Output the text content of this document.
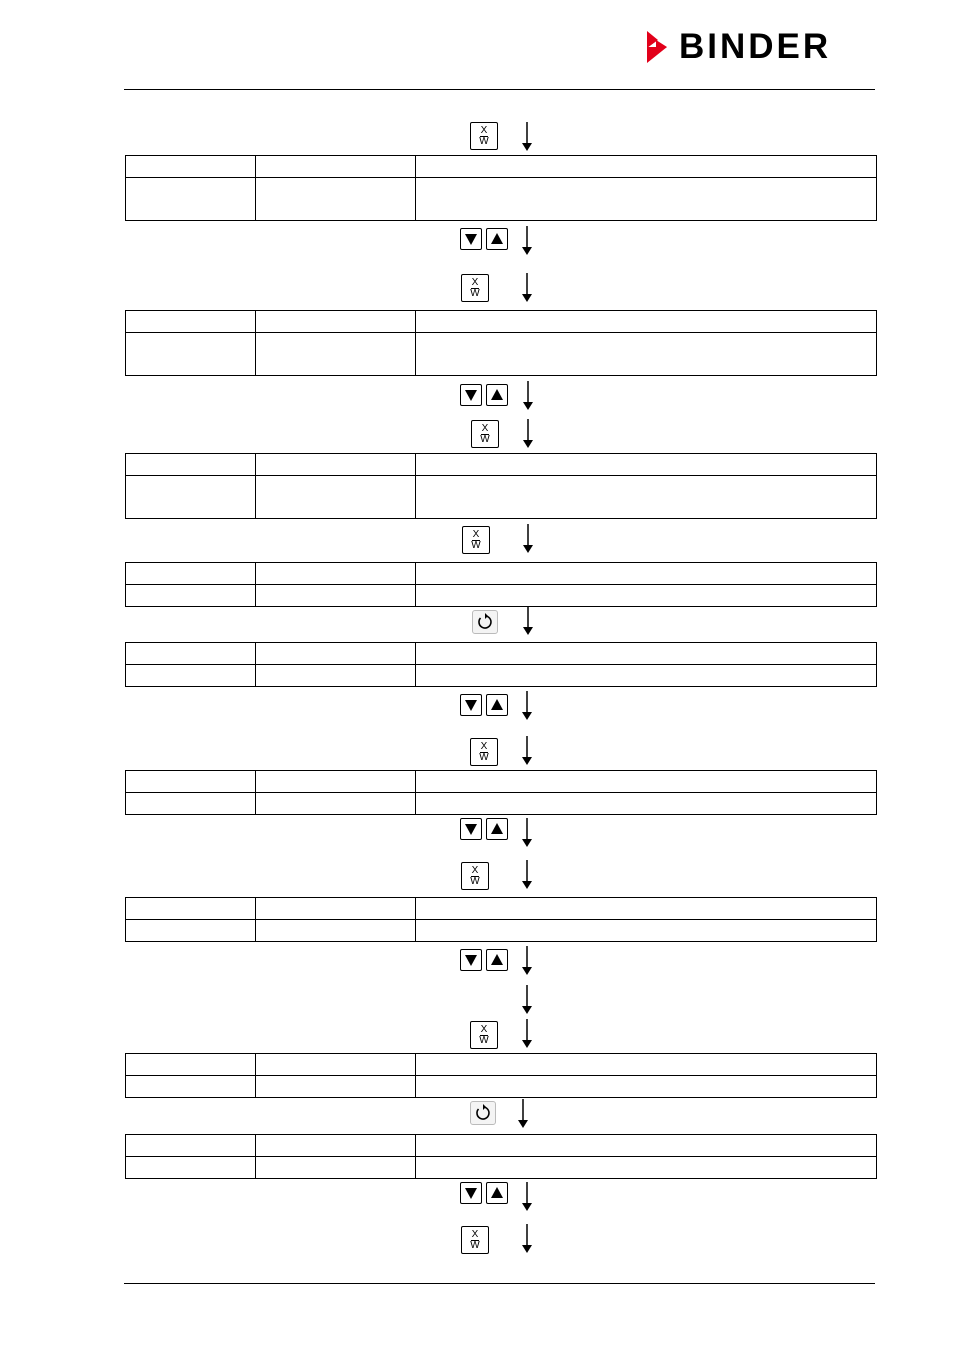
BINDER
X
W

X
W

X
W

X
W

X
W

X
W

X
W

X
W
